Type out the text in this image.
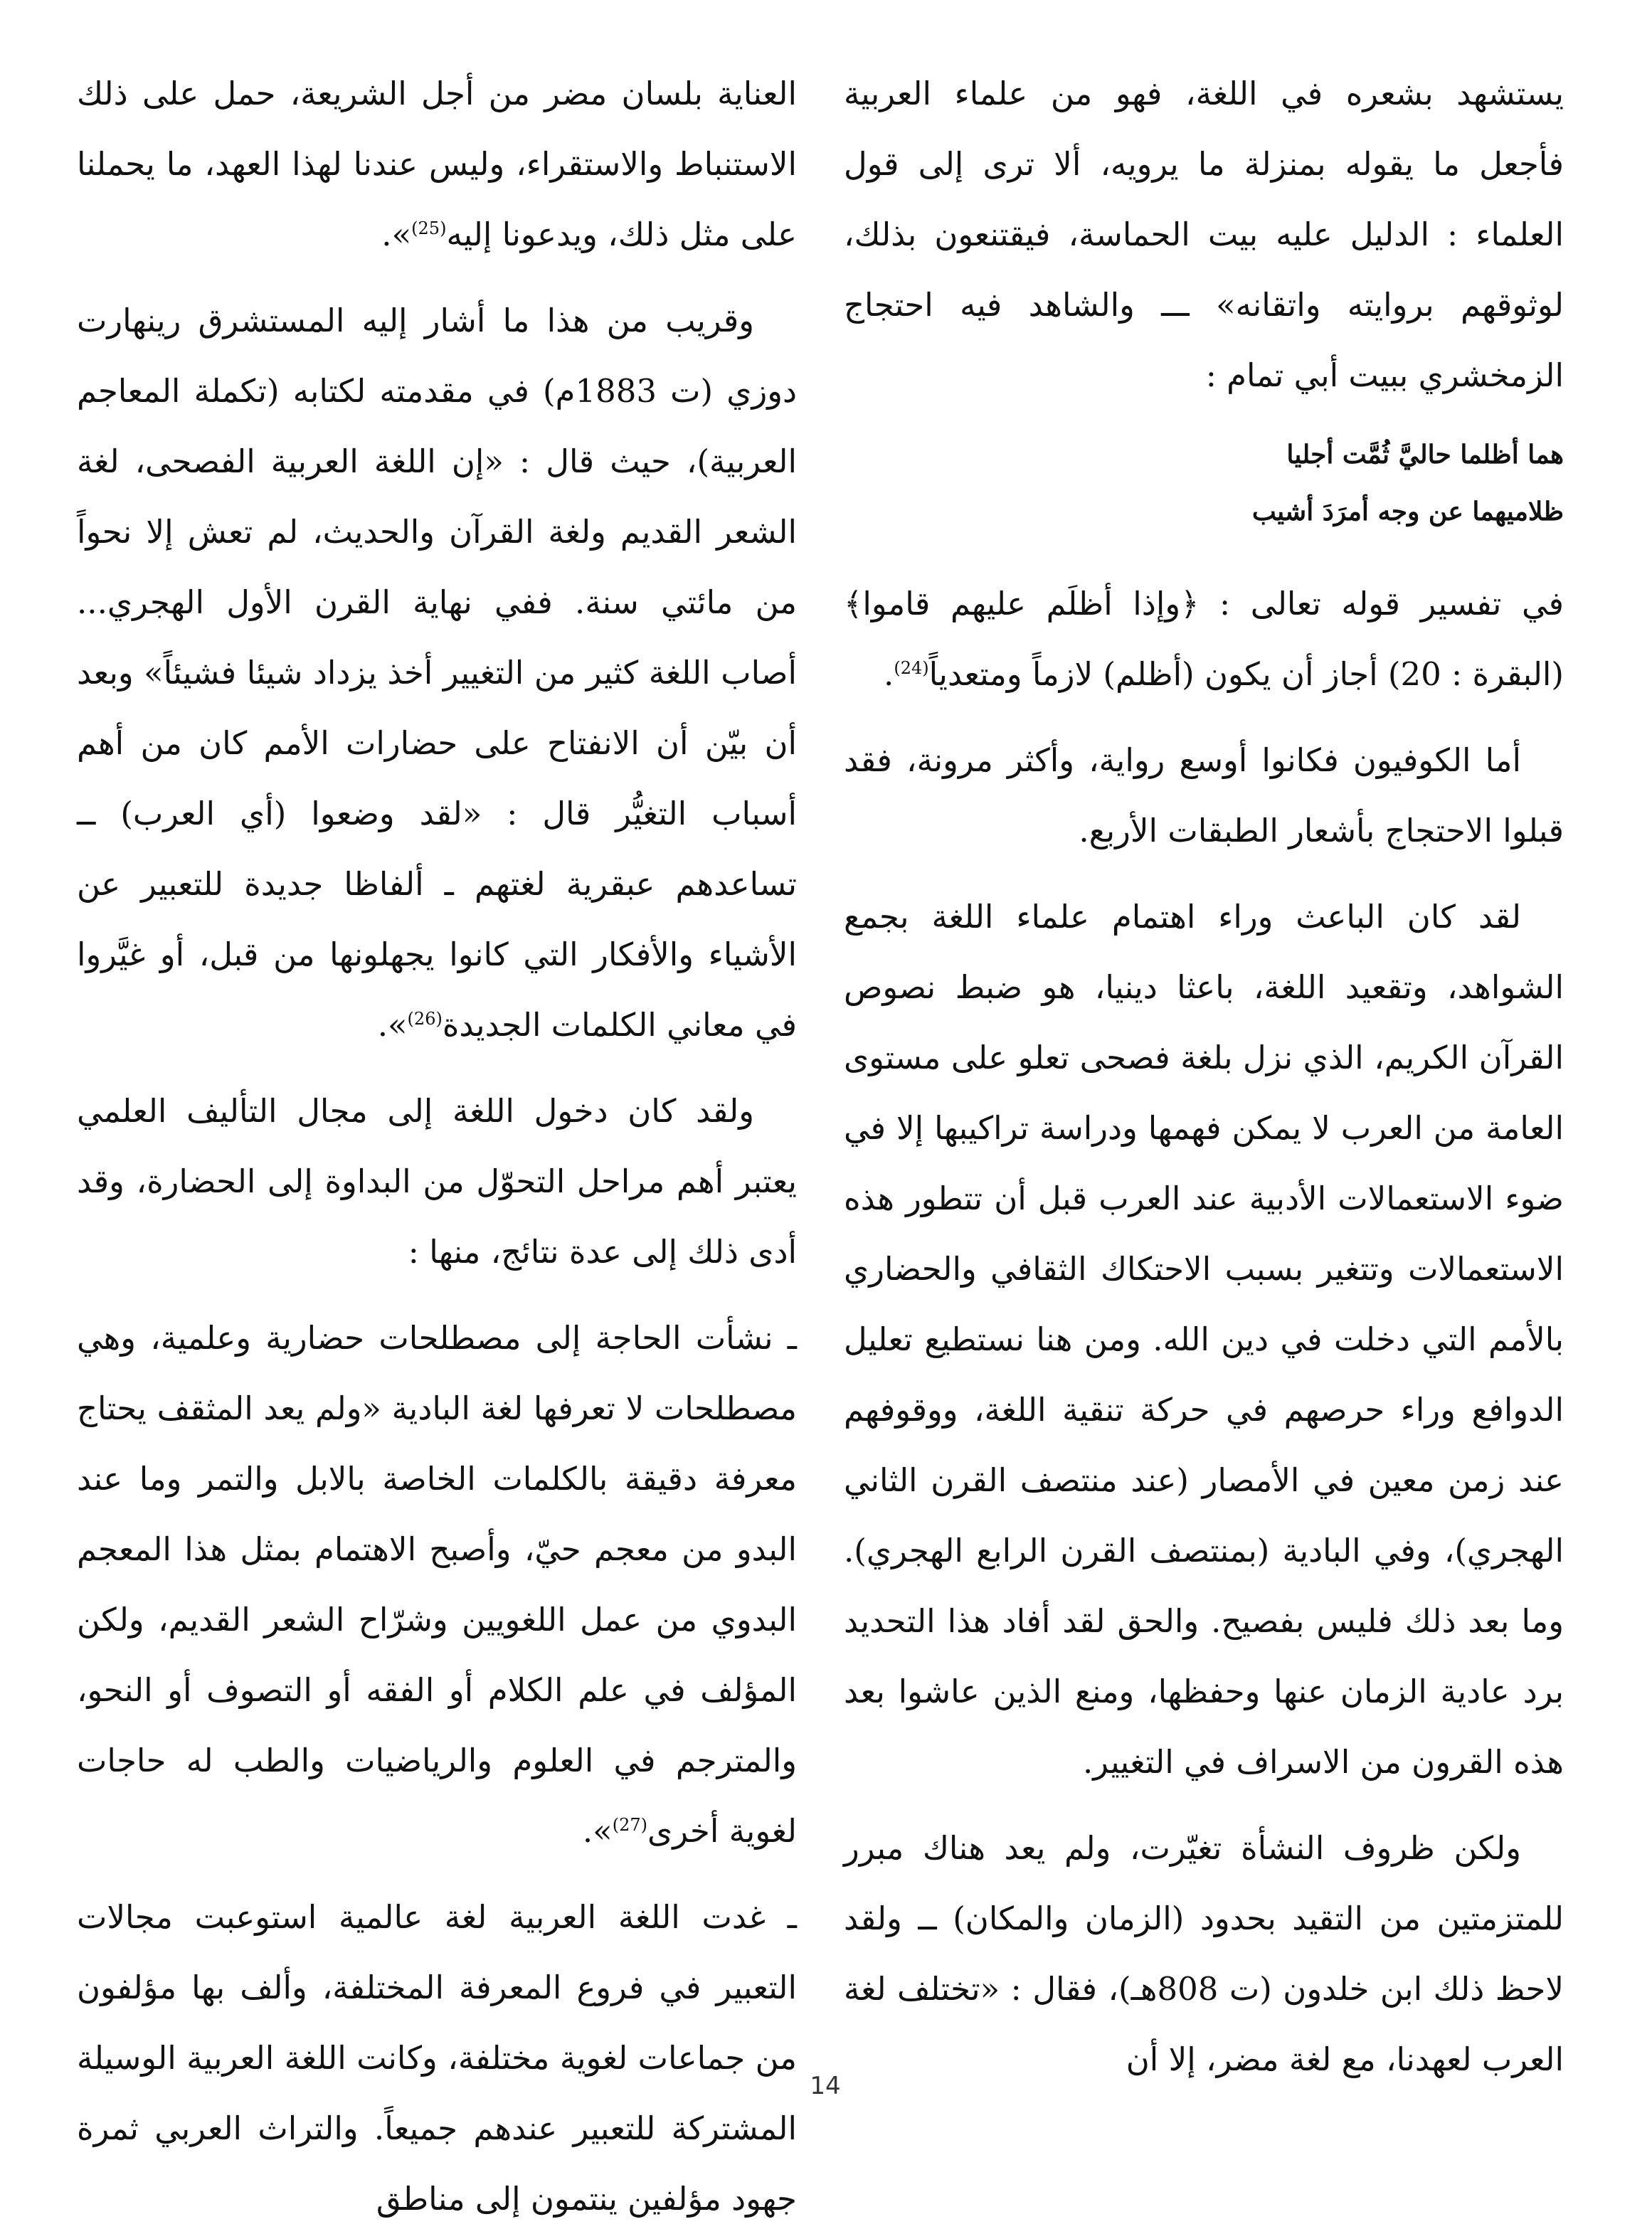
يستشهد بشعره في اللغة، فهو من علماء العربية فأجعل ما يقوله بمنزلة ما يرويه، ألا ترى إلى قول العلماء : الدليل عليه بيت الحماسة، فيقتنعون بذلك، لوثوقهم بروايته واتقانه» ـــ والشاهد فيه احتجاج الزمخشري ببيت أبي تمام :

هما أظلما حاليَّ ثُمَّت أجليا

ظلاميهما عن وجه أمرَدَ أشيب

في تفسير قوله تعالى : ﴿وإذا أظلَم عليهم قاموا﴾ (البقرة : 20) أجاز أن يكون (أظلم) لازماً ومتعدياً$^{(24)}$.

أما الكوفيون فكانوا أوسع رواية، وأكثر مرونة، فقد قبلوا الاحتجاج بأشعار الطبقات الأربع.

لقد كان الباعث وراء اهتمام علماء اللغة بجمع الشواهد، وتقعيد اللغة، باعثا دينيا، هو ضبط نصوص القرآن الكريم، الذي نزل بلغة فصحى تعلو على مستوى العامة من العرب لا يمكن فهمها ودراسة تراكيبها إلا في ضوء الاستعمالات الأدبية عند العرب قبل أن تتطور هذه الاستعمالات وتتغير بسبب الاحتكاك الثقافي والحضاري بالأمم التي دخلت في دين الله. ومن هنا نستطيع تعليل الدوافع وراء حرصهم في حركة تنقية اللغة، ووقوفهم عند زمن معين في الأمصار (عند منتصف القرن الثاني الهجري)، وفي البادية (بمنتصف القرن الرابع الهجري). وما بعد ذلك فليس بفصيح. والحق لقد أفاد هذا التحديد برد عادية الزمان عنها وحفظها، ومنع الذين عاشوا بعد هذه القرون من الاسراف في التغيير.

ولكن ظروف النشأة تغيّرت، ولم يعد هناك مبرر للمتزمتين من التقيد بحدود (الزمان والمكان) ــ ولقد لاحظ ذلك ابن خلدون (ت 808هـ)، فقال : «تختلف لغة العرب لعهدنا، مع لغة مضر، إلا أن

العناية بلسان مضر من أجل الشريعة، حمل على ذلك الاستنباط والاستقراء، وليس عندنا لهذا العهد، ما يحملنا على مثل ذلك، ويدعونا إليه$^{(25)}$».

وقريب من هذا ما أشار إليه المستشرق رينهارت دوزي (ت 1883م) في مقدمته لكتابه (تكملة المعاجم العربية)، حيث قال : «إن اللغة العربية الفصحى، لغة الشعر القديم ولغة القرآن والحديث، لم تعش إلا نحواً من مائتي سنة. ففي نهاية القرن الأول الهجري... أصاب اللغة كثير من التغيير أخذ يزداد شيئا فشيئاً» وبعد أن بيّن أن الانفتاح على حضارات الأمم كان من أهم أسباب التغيُّر قال : «لقد وضعوا (أي العرب) ــ تساعدهم عبقرية لغتهم ـ ألفاظا جديدة للتعبير عن الأشياء والأفكار التي كانوا يجهلونها من قبل، أو غيَّروا في معاني الكلمات الجديدة$^{(26)}$».

ولقد كان دخول اللغة إلى مجال التأليف العلمي يعتبر أهم مراحل التحوّل من البداوة إلى الحضارة، وقد أدى ذلك إلى عدة نتائج، منها :

ـ نشأت الحاجة إلى مصطلحات حضارية وعلمية، وهي مصطلحات لا تعرفها لغة البادية «ولم يعد المثقف يحتاج معرفة دقيقة بالكلمات الخاصة بالابل والتمر وما عند البدو من معجم حيّ، وأصبح الاهتمام بمثل هذا المعجم البدوي من عمل اللغويين وشرّاح الشعر القديم، ولكن المؤلف في علم الكلام أو الفقه أو التصوف أو النحو، والمترجم في العلوم والرياضيات والطب له حاجات لغوية أخرى$^{(27)}$».

ـ غدت اللغة العربية لغة عالمية استوعبت مجالات التعبير في فروع المعرفة المختلفة، وألف بها مؤلفون من جماعات لغوية مختلفة، وكانت اللغة العربية الوسيلة المشتركة للتعبير عندهم جميعاً. والتراث العربي ثمرة جهود مؤلفين ينتمون إلى مناطق

14
